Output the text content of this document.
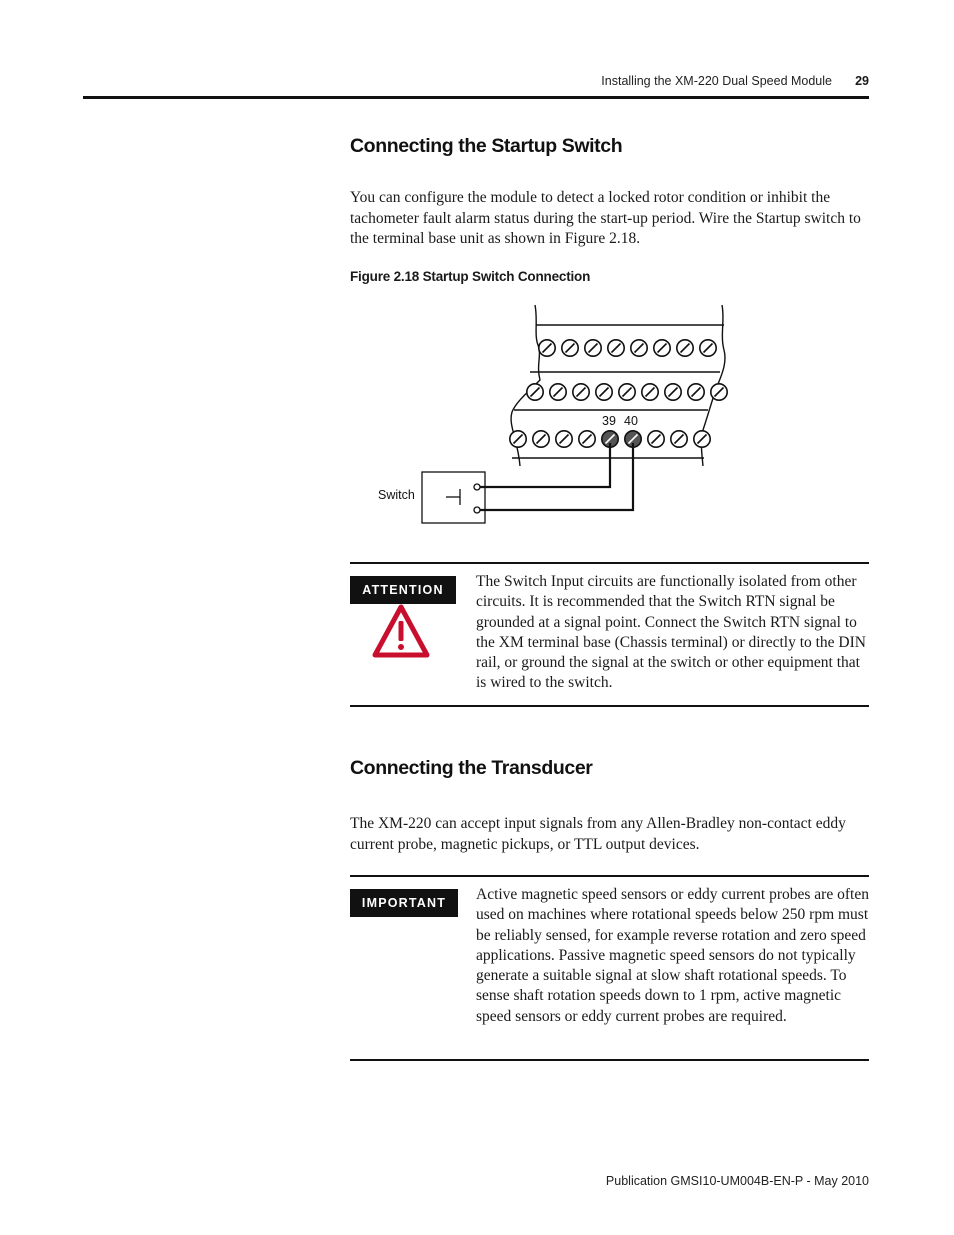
Installing the XM-220 Dual Speed Module	29
Connecting the Startup Switch

You can configure the module to detect a locked rotor condition or inhibit the tachometer fault alarm status during the start-up period. Wire the Startup switch to the terminal base unit as shown in Figure 2.18.

Figure 2.18 Startup Switch Connection

39 40
Switch
ATTENTION	The Switch Input circuits are functionally isolated from other circuits. It is recommended that the Switch RTN signal be grounded at a signal point. Connect the Switch RTN signal to the XM terminal base (Chassis terminal) or directly to the DIN rail, or ground the signal at the switch or other equipment that is wired to the switch.

Connecting the Transducer

The XM-220 can accept input signals from any Allen-Bradley non-contact eddy current probe, magnetic pickups, or TTL output devices.

IMPORTANT	Active magnetic speed sensors or eddy current probes are often used on machines where rotational speeds below 250 rpm must be reliably sensed, for example reverse rotation and zero speed applications. Passive magnetic speed sensors do not typically generate a suitable signal at slow shaft rotational speeds. To sense shaft rotation speeds down to 1 rpm, active magnetic speed sensors or eddy current probes are required.

Publication GMSI10-UM004B-EN-P - May 2010
